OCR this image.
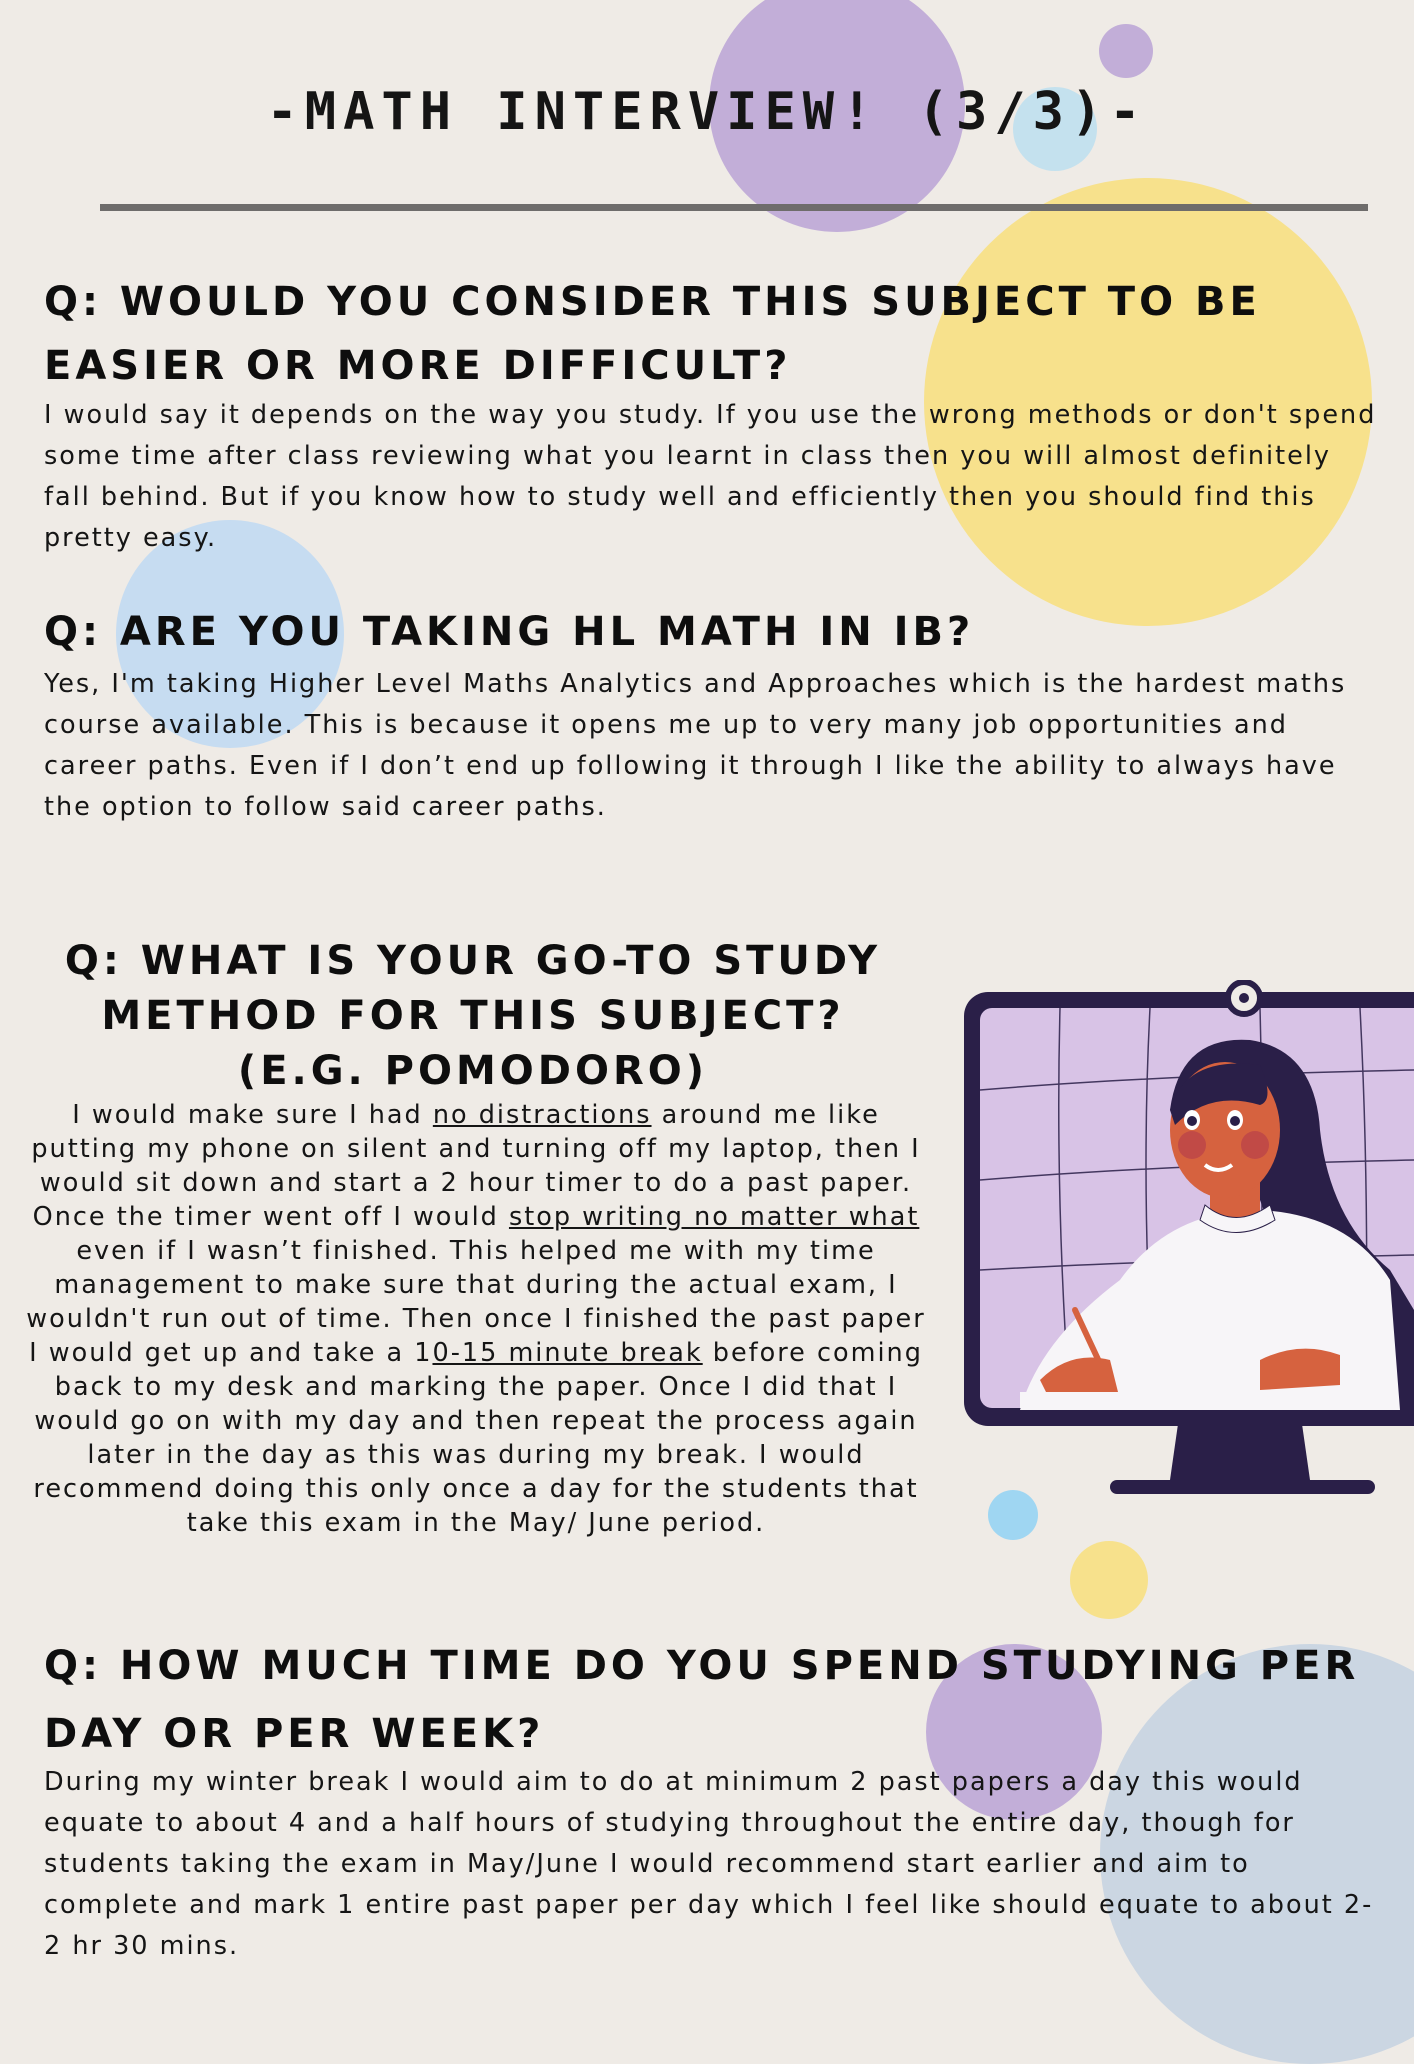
-MATH INTERVIEW! (3/3)-
Q: WOULD YOU CONSIDER THIS SUBJECT TO BE EASIER OR MORE DIFFICULT?

I would say it depends on the way you study. If you use the wrong methods or don't spend some time after class reviewing what you learnt in class then you will almost definitely fall behind. But if you know how to study well and efficiently then you should find this pretty easy.

Q: ARE YOU TAKING HL MATH IN IB?

Yes, I'm taking Higher Level Maths Analytics and Approaches which is the hardest maths course available. This is because it opens me up to very many job opportunities and career paths. Even if I don’t end up following it through I like the ability to always have the option to follow said career paths.

Q: WHAT IS YOUR GO-TO STUDY METHOD FOR THIS SUBJECT? (E.G. POMODORO)

I would make sure I had no distractions around me like putting my phone on silent and turning off my laptop, then I would sit down and start a 2 hour timer to do a past paper. Once the timer went off I would stop writing no matter what even if I wasn’t finished. This helped me with my time management to make sure that during the actual exam, I wouldn't run out of time. Then once I finished the past paper I would get up and take a 10-15 minute break before coming back to my desk and marking the paper. Once I did that I would go on with my day and then repeat the process again later in the day as this was during my break. I would recommend doing this only once a day for the students that take this exam in the May/ June period.

Q: HOW MUCH TIME DO YOU SPEND STUDYING PER DAY OR PER WEEK?

During my winter break I would aim to do at minimum 2 past papers a day this would equate to about 4 and a half hours of studying throughout the entire day, though for students taking the exam in May/June I would recommend start earlier and aim to complete and mark 1 entire past paper per day which I feel like should equate to about 2-2 hr 30 mins.
